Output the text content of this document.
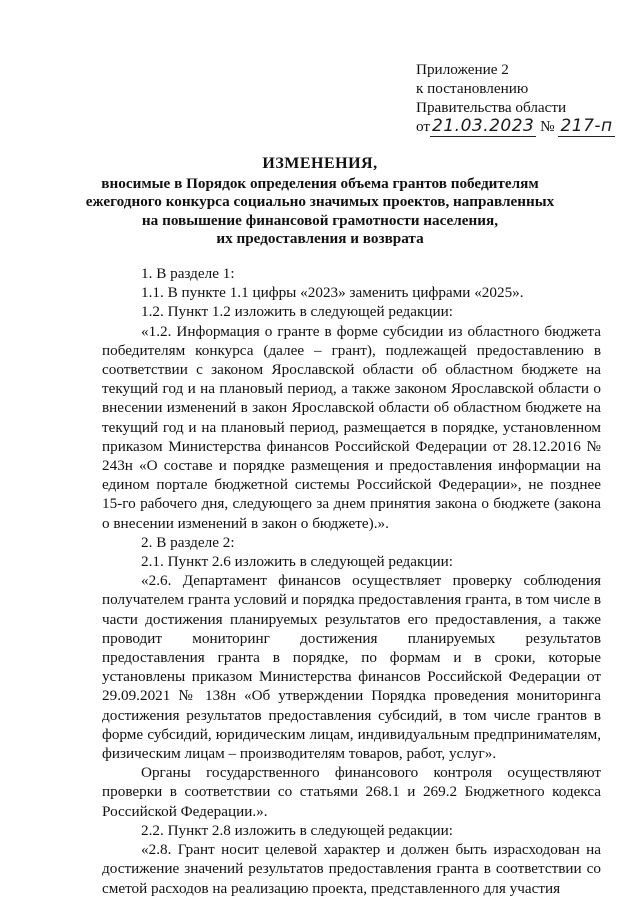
Приложение 2
к постановлению
Правительства области
от 21.03.2023 № 217-п
ИЗМЕНЕНИЯ,
вносимые в Порядок определения объема грантов победителям
ежегодного конкурса социально значимых проектов, направленных
на повышение финансовой грамотности населения,
их предоставления и возврата

1. В разделе 1:

1.1. В пункте 1.1 цифры «2023» заменить цифрами «2025».

1.2. Пункт 1.2 изложить в следующей редакции:

«1.2. Информация о гранте в форме субсидии из областного бюджета победителям конкурса (далее – грант), подлежащей предоставлению в соответствии с законом Ярославской области об областном бюджете на текущий год и на плановый период, а также законом Ярославской области о внесении изменений в закон Ярославской области об областном бюджете на текущий год и на плановый период, размещается в порядке, установленном приказом Министерства финансов Российской Федерации от 28.12.2016 № 243н «О составе и порядке размещения и предоставления информации на едином портале бюджетной системы Российской Федерации», не позднее 15-го рабочего дня, следующего за днем принятия закона о бюджете (закона о внесении изменений в закон о бюджете).».

2. В разделе 2:

2.1. Пункт 2.6 изложить в следующей редакции:

«2.6. Департамент финансов осуществляет проверку соблюдения получателем гранта условий и порядка предоставления гранта, в том числе в части достижения планируемых результатов его предоставления, а также проводит мониторинг достижения планируемых результатов предоставления гранта в порядке, по формам и в сроки, которые установлены приказом Министерства финансов Российской Федерации от 29.09.2021 № 138н «Об утверждении Порядка проведения мониторинга достижения результатов предоставления субсидий, в том числе грантов в форме субсидий, юридическим лицам, индивидуальным предпринимателям, физическим лицам – производителям товаров, работ, услуг».

Органы государственного финансового контроля осуществляют проверки в соответствии со статьями 268.1 и 269.2 Бюджетного кодекса Российской Федерации.».

2.2. Пункт 2.8 изложить в следующей редакции:

«2.8. Грант носит целевой характер и должен быть израсходован на достижение значений результатов предоставления гранта в соответствии со сметой расходов на реализацию проекта, представленного для участия
